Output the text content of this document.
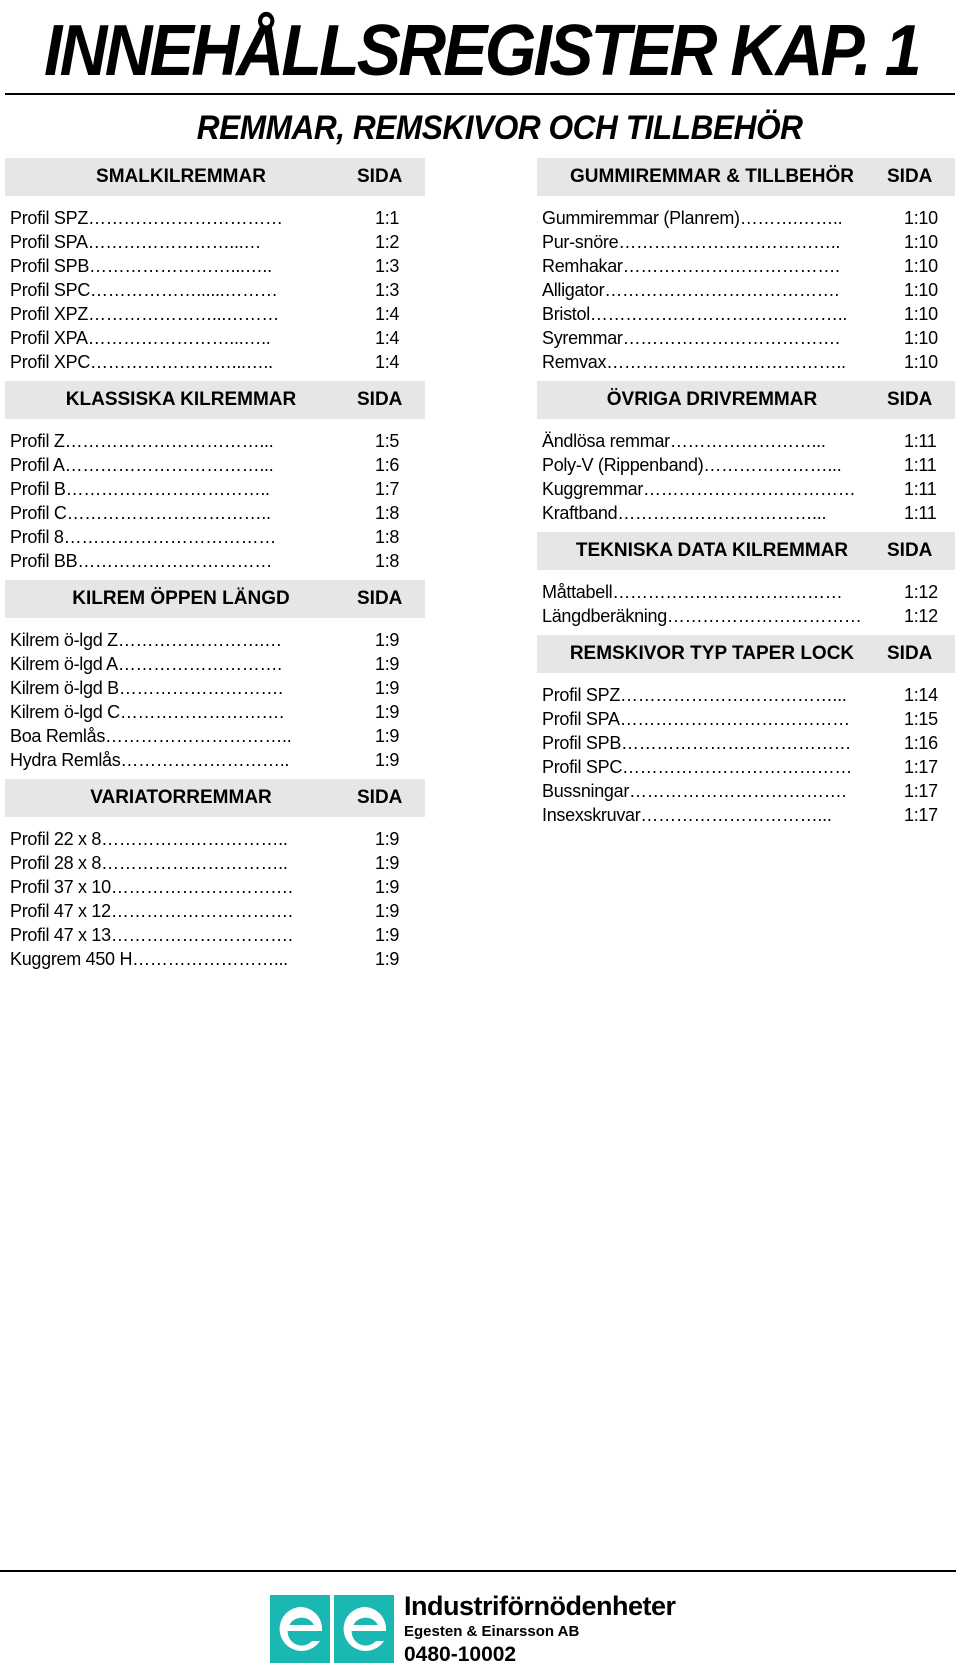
INNEHÅLLSREGISTER KAP. 1
REMMAR, REMSKIVOR OCH TILLBEHÖR
SMALKILREMMAR	SIDA
Profil SPZ……………………………	1:1
Profil SPA……………………...…	1:2
Profil SPB……………………...…..	1:3
Profil SPC………………......………	1:3
Profil XPZ…………………...………	1:4
Profil XPA……………………...…..	1:4
Profil XPC……………………...…..	1:4
KLASSISKA KILREMMAR	SIDA
Profil Z……………………………...	1:5
Profil A……………………………...	1:6
Profil B……………………………..	1:7
Profil C……………………………..	1:8
Profil 8………………………………	1:8
Profil BB……………………………	1:8
KILREM ÖPPEN LÄNGD	SIDA
Kilrem ö-lgd Z…………………….…	1:9
Kilrem ö-lgd A……………………….	1:9
Kilrem ö-lgd B……………………….	1:9
Kilrem ö-lgd C……………………….	1:9
Boa Remlås…………………………..	1:9
Hydra Remlås………………………..	1:9
VARIATORREMMAR	SIDA
Profil 22 x 8…………………………..	1:9
Profil 28 x 8…………………………..	1:9
Profil 37 x 10………………………….	1:9
Profil 47 x 12………………………….	1:9
Profil 47 x 13………………………….	1:9
Kuggrem 450 H……………………...	1:9
GUMMIREMMAR & TILLBEHÖR	SIDA
Gummiremmar (Planrem)……….……..	1:10
Pur-snöre………………………………..	1:10
Remhakar……………………………….	1:10
Alligator………………………………….	1:10
Bristol……………………………………..	1:10
Syremmar……………………………….	1:10
Remvax…………………………………..	1:10
ÖVRIGA DRIVREMMAR	SIDA
Ändlösa remmar……………………...	1:11
Poly-V (Rippenband)…………………...	1:11
Kuggremmar………………………………	1:11
Kraftband……………………………...	1:11
TEKNISKA DATA KILREMMAR	SIDA
Måttabell…………………………………	1:12
Längdberäkning……………………………	1:12
REMSKIVOR TYP TAPER LOCK	SIDA
Profil SPZ………………………………...	1:14
Profil SPA…………………………………	1:15
Profil SPB…………………………………	1:16
Profil SPC…………………………………	1:17
Bussningar……………………………….	1:17
Insexskruvar…………………………...	1:17
Industriförnödenheter
Egesten & Einarsson AB
0480-10002
